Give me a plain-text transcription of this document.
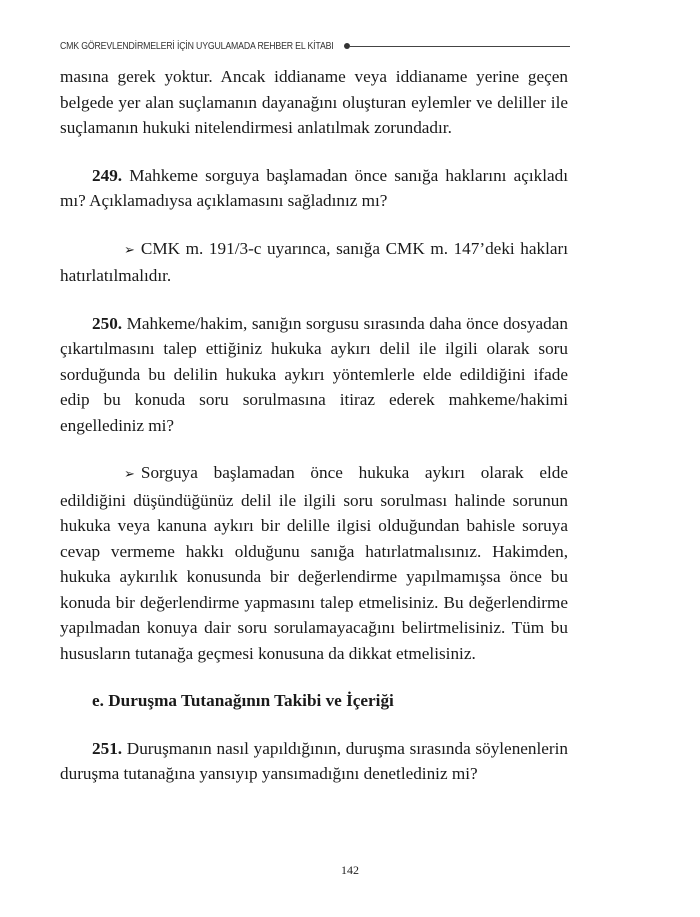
CMK GÖREVLENDİRMELERİ İÇİN UYGULAMADA REHBER EL KİTABI

masına gerek yoktur. Ancak iddianame veya iddianame yerine geçen belgede yer alan suçlamanın dayanağını oluşturan eylemler ve deliller ile suçlamanın hukuki nitelendirmesi anlatılmak zorundadır.

249. Mahkeme sorguya başlamadan önce sanığa haklarını açıkladı mı? Açıklamadıysa açıklamasını sağladınız mı?

➢ CMK m. 191/3-c uyarınca, sanığa CMK m. 147’deki hakları hatırlatılmalıdır.

250. Mahkeme/hakim, sanığın sorgusu sırasında daha önce dosyadan çıkartılmasını talep ettiğiniz hukuka aykırı delil ile ilgili olarak soru sorduğunda bu delilin hukuka aykırı yöntemlerle elde edildiğini ifade edip bu konuda soru sorulmasına itiraz ederek mahkeme/hakimi engellediniz mi?

➢ Sorguya başlamadan önce hukuka aykırı olarak elde edildiğini düşündüğünüz delil ile ilgili soru sorulması halinde sorunun hukuka veya kanuna aykırı bir delille ilgisi olduğundan bahisle soruya cevap vermeme hakkı olduğunu sanığa hatırlatmalısınız. Hakimden, hukuka aykırılık konusunda bir değerlendirme yapılmamışsa önce bu konuda bir değerlendirme yapmasını talep etmelisiniz. Bu değerlendirme yapılmadan konuya dair soru sorulamayacağını belirtmelisiniz. Tüm bu hususların tutanağa geçmesi konusuna da dikkat etmelisiniz.

e. Duruşma Tutanağının Takibi ve İçeriği

251. Duruşmanın nasıl yapıldığının, duruşma sırasında söylenenlerin duruşma tutanağına yansıyıp yansımadığını denetlediniz mi?

142
